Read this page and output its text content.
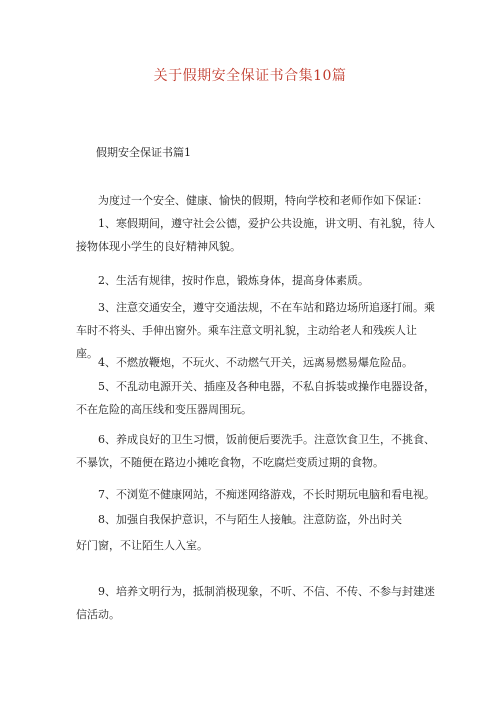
关于假期安全保证书合集10篇
假期安全保证书篇1

为度过一个安全、健康、愉快的假期，特向学校和老师作如下保证：

1、寒假期间，遵守社会公德，爱护公共设施，讲文明、有礼貌，待人接物体现小学生的良好精神风貌。

2、生活有规律，按时作息，锻炼身体，提高身体素质。

3、注意交通安全，遵守交通法规，不在车站和路边场所追逐打闹。乘车时不将头、手伸出窗外。乘车注意文明礼貌，主动给老人和残疾人让座。

4、不燃放鞭炮，不玩火、不动燃气开关，远离易燃易爆危险品。

5、不乱动电源开关、插座及各种电器，不私自拆装或操作电器设备，不在危险的高压线和变压器周围玩。

6、养成良好的卫生习惯，饭前便后要洗手。注意饮食卫生，不挑食、不暴饮，不随便在路边小摊吃食物，不吃腐烂变质过期的食物。

7、不浏览不健康网站，不痴迷网络游戏，不长时期玩电脑和看电视。

8、加强自我保护意识，不与陌生人接触。注意防盗，外出时关

好门窗，不让陌生人入室。

9、培养文明行为，抵制消极现象，不听、不信、不传、不参与封建迷信活动。
